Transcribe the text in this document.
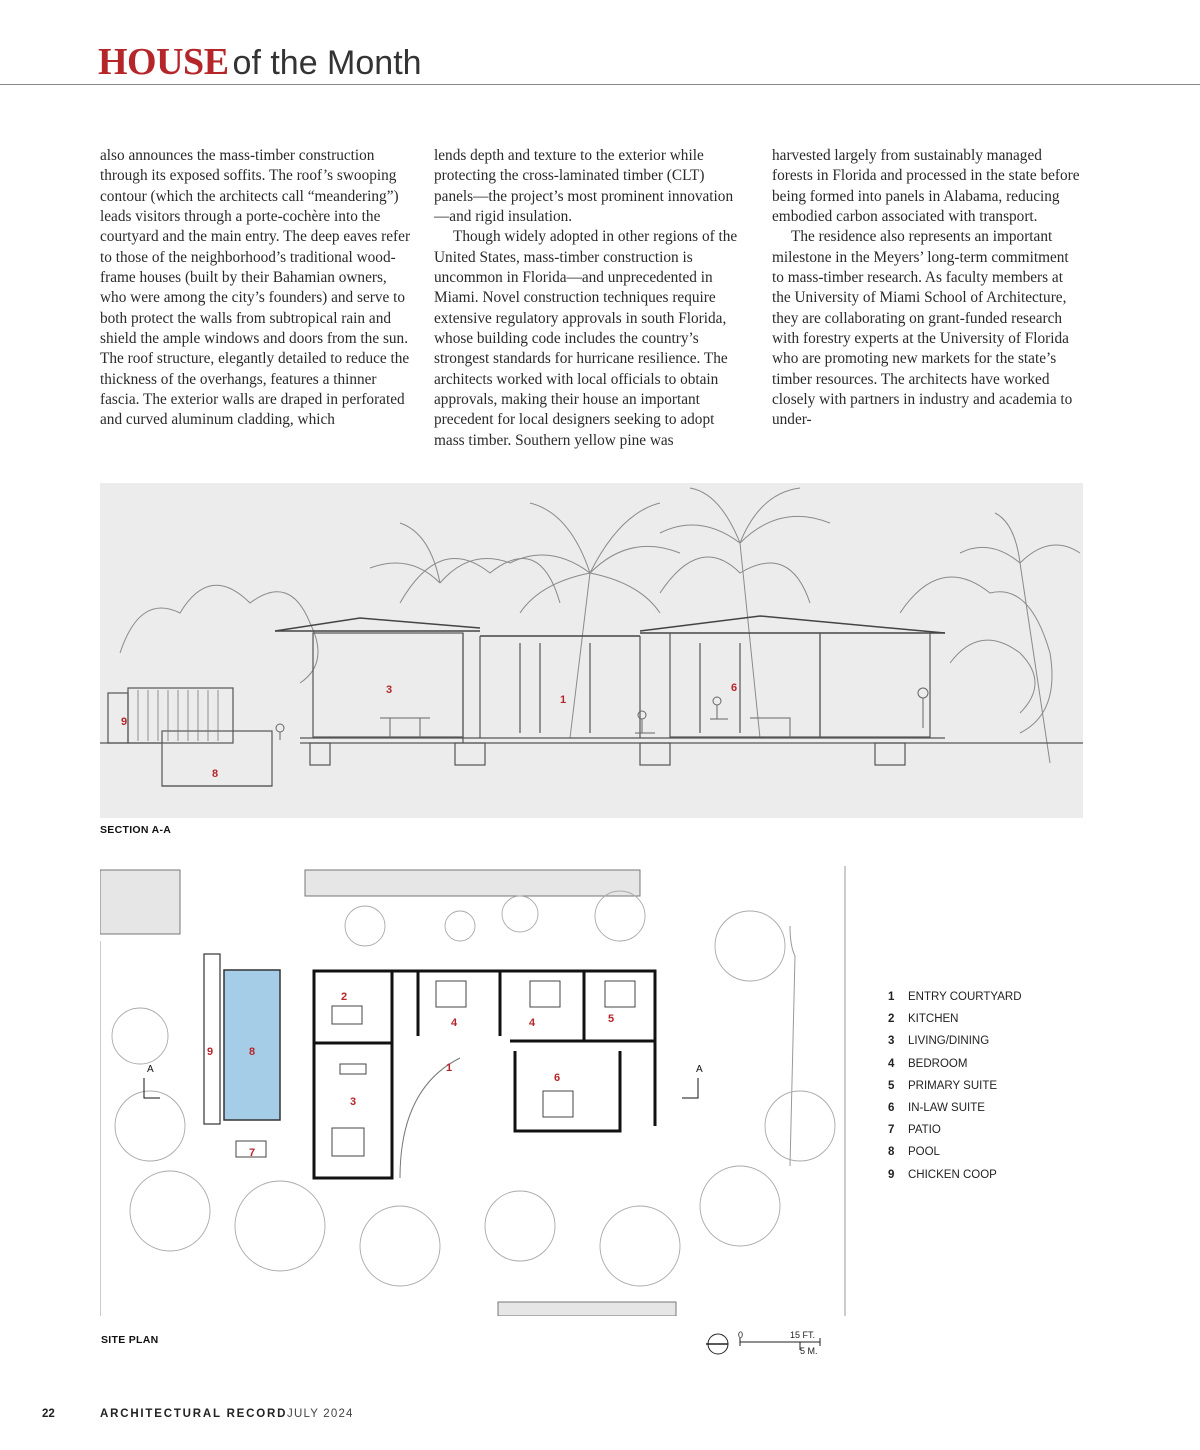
HOUSE of the Month

also announces the mass-timber construction through its exposed soffits. The roof’s swooping contour (which the architects call “meandering”) leads visitors through a porte-cochère into the courtyard and the main entry. The deep eaves refer to those of the neighborhood’s traditional wood-frame houses (built by their Bahamian owners, who were among the city’s founders) and serve to both protect the walls from subtropical rain and shield the ample windows and doors from the sun. The roof structure, elegantly detailed to reduce the thickness of the overhangs, features a thinner fascia. The exterior walls are draped in perforated and curved aluminum cladding, which

lends depth and texture to the exterior while protecting the cross-laminated timber (CLT) panels—the project’s most prominent innovation—and rigid insulation.

Though widely adopted in other regions of the United States, mass-timber construction is uncommon in Florida—and unprecedented in Miami. Novel construction techniques require extensive regulatory approvals in south Florida, whose building code includes the country’s strongest standards for hurricane resilience. The architects worked with local officials to obtain approvals, making their house an important precedent for local designers seeking to adopt mass timber. Southern yellow pine was

harvested largely from sustainably managed forests in Florida and processed in the state before being formed into panels in Alabama, reducing embodied carbon associated with transport.

The residence also represents an important milestone in the Meyers’ long-term commitment to mass-timber research. As faculty members at the University of Miami School of Architecture, they are collaborating on grant-funded research with forestry experts at the University of Florida who are promoting new markets for the state’s timber resources. The architects have worked closely with partners in industry and academia to under-

3
1
6
9
8
SECTION A-A
A	A
2
4	4	5
9	8
1
6
3
7
SITE PLAN
1	ENTRY COURTYARD
2	KITCHEN
3	LIVING/DINING
4	BEDROOM
5	PRIMARY SUITE
6	IN-LAW SUITE
7	PATIO
8	POOL
9	CHICKEN COOP
0	15 FT.
5 M.
22	ARCHITECTURAL RECORD JULY 2024
